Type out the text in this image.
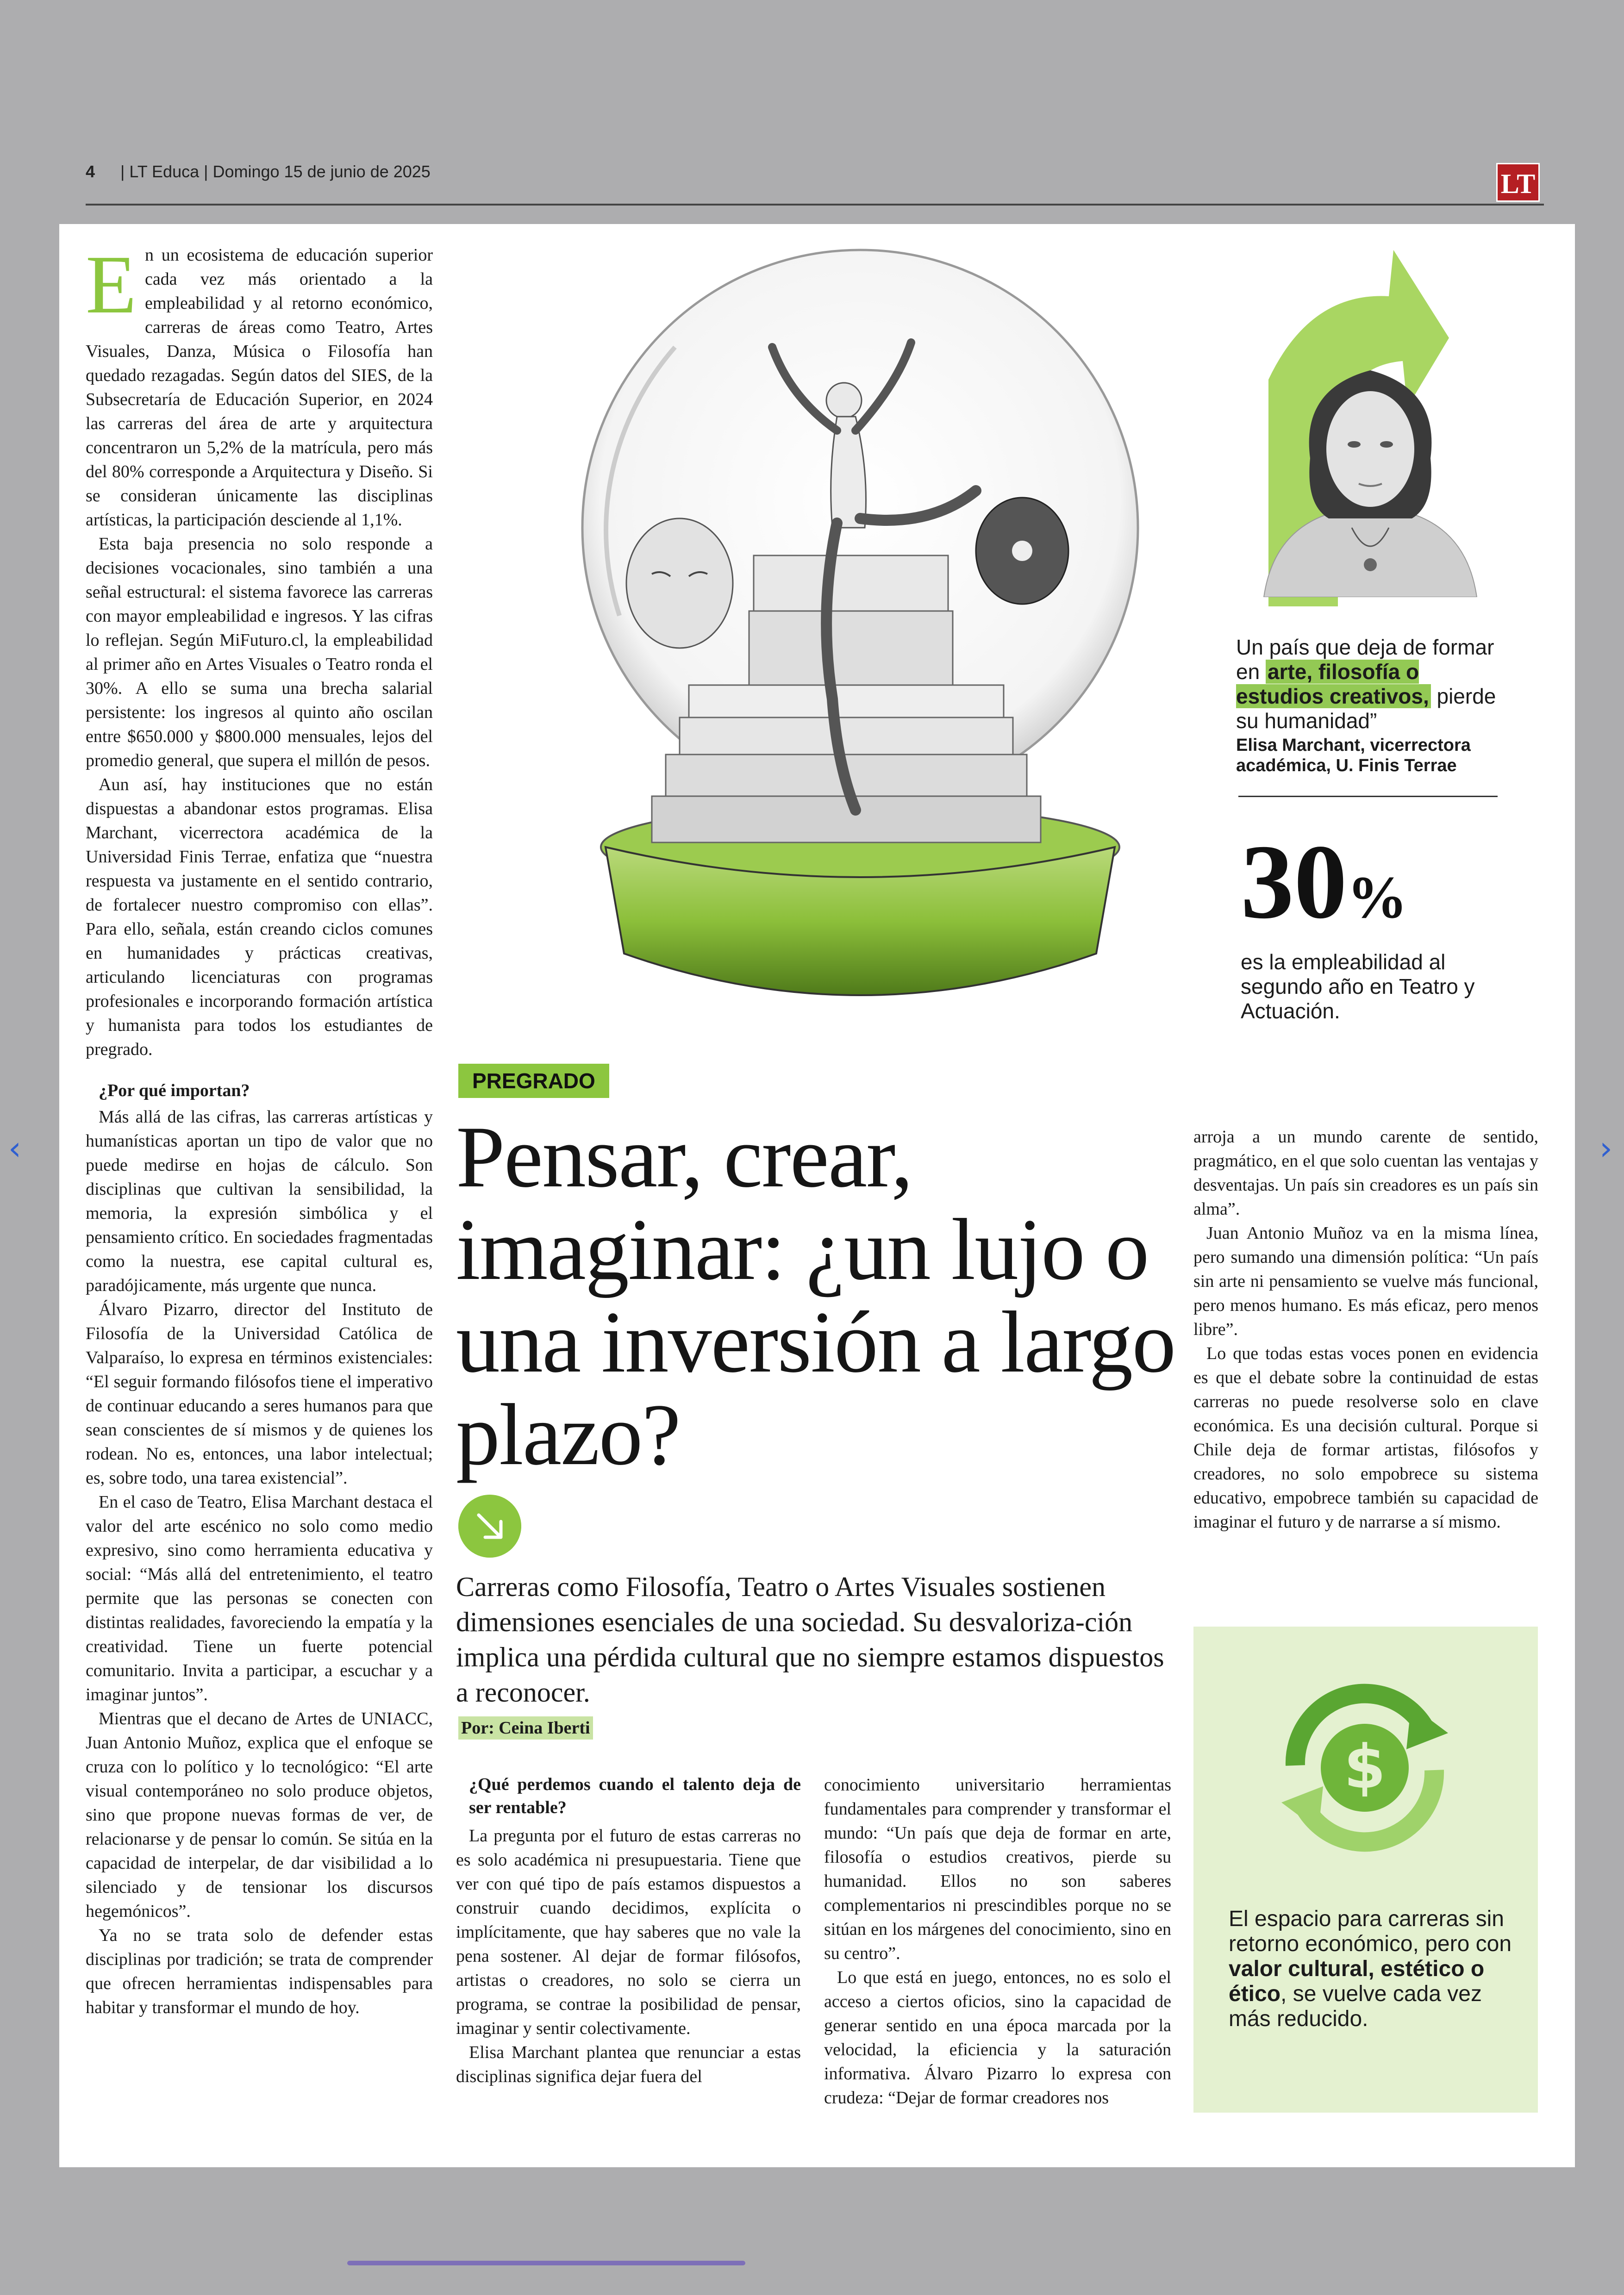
4 | LT Educa | Domingo 15 de junio de 2025	LT
E n un ecosistema de educación superior cada vez más orientado a la empleabilidad y al retorno económico, carreras de áreas como Teatro, Artes Visuales, Danza, Música o Filosofía han quedado rezagadas. Según datos del SIES, de la Subsecretaría de Educación Superior, en 2024 las carreras del área de arte y arquitectura concentraron un 5,2% de la matrícula, pero más del 80% corresponde a Arquitectura y Diseño. Si se consideran únicamente las disciplinas artísticas, la participación desciende al 1,1%.

Esta baja presencia no solo responde a decisiones vocacionales, sino también a una señal estructural: el sistema favorece las carreras con mayor empleabilidad e ingresos. Y las cifras lo reflejan. Según MiFuturo.cl, la empleabilidad al primer año en Artes Visuales o Teatro ronda el 30%. A ello se suma una brecha salarial persistente: los ingresos al quinto año oscilan entre $650.000 y $800.000 mensuales, lejos del promedio general, que supera el millón de pesos.

Aun así, hay instituciones que no están dispuestas a abandonar estos programas. Elisa Marchant, vicerrectora académica de la Universidad Finis Terrae, enfatiza que “nuestra respuesta va justamente en el sentido contrario, de fortalecer nuestro compromiso con ellas”. Para ello, señala, están creando ciclos comunes en humanidades y prácticas creativas, articulando licenciaturas con programas profesionales e incorporando formación artística y humanista para todos los estudiantes de pregrado.

¿Por qué importan?

Más allá de las cifras, las carreras artísticas y humanísticas aportan un tipo de valor que no puede medirse en hojas de cálculo. Son disciplinas que cultivan la sensibilidad, la memoria, la expresión simbólica y el pensamiento crítico. En sociedades fragmentadas como la nuestra, ese capital cultural es, paradójicamente, más urgente que nunca.

Álvaro Pizarro, director del Instituto de Filosofía de la Universidad Católica de Valparaíso, lo expresa en términos existenciales: “El seguir formando filósofos tiene el imperativo de continuar educando a seres humanos para que sean conscientes de sí mismos y de quienes los rodean. No es, entonces, una labor intelectual; es, sobre todo, una tarea existencial”.

En el caso de Teatro, Elisa Marchant destaca el valor del arte escénico no solo como medio expresivo, sino como herramienta educativa y social: “Más allá del entretenimiento, el teatro permite que las personas se conecten con distintas realidades, favoreciendo la empatía y la creatividad. Tiene un fuerte potencial comunitario. Invita a participar, a escuchar y a imaginar juntos”.

Mientras que el decano de Artes de UNIACC, Juan Antonio Muñoz, explica que el enfoque se cruza con lo político y lo tecnológico: “El arte visual contemporáneo no solo produce objetos, sino que propone nuevas formas de ver, de relacionarse y de pensar lo común. Se sitúa en la capacidad de interpelar, de dar visibilidad a lo silenciado y de tensionar los discursos hegemónicos”.

Ya no se trata solo de defender estas disciplinas por tradición; se trata de comprender que ofrecen herramientas indispensables para habitar y transformar el mundo de hoy.

Un país que deja de formar en arte, filosofía o estudios creativos, pierde su humanidad”
Elisa Marchant, vicerrectora académica, U. Finis Terrae
30%
es la empleabilidad al segundo año en Teatro y Actuación.
PREGRADO
Pensar, crear, imaginar: ¿un lujo o una inversión a largo plazo?
Carreras como Filosofía, Teatro o Artes Visuales sostienen dimensiones esenciales de una sociedad. Su desvaloriza-ción implica una pérdida cultural que no siempre estamos dispuestos a reconocer.
Por: Ceina Iberti
¿Qué perdemos cuando el talento deja de ser rentable?

La pregunta por el futuro de estas carreras no es solo académica ni presupuestaria. Tiene que ver con qué tipo de país estamos dispuestos a construir cuando decidimos, explícita o implícitamente, que hay saberes que no vale la pena sostener. Al dejar de formar filósofos, artistas o creadores, no solo se cierra un programa, se contrae la posibilidad de pensar, imaginar y sentir colectivamente.

Elisa Marchant plantea que renunciar a estas disciplinas significa dejar fuera del

conocimiento universitario herramientas fundamentales para comprender y transformar el mundo: “Un país que deja de formar en arte, filosofía o estudios creativos, pierde su humanidad. Ellos no son saberes complementarios ni prescindibles porque no se sitúan en los márgenes del conocimiento, sino en su centro”.

Lo que está en juego, entonces, no es solo el acceso a ciertos oficios, sino la capacidad de generar sentido en una época marcada por la velocidad, la eficiencia y la saturación informativa. Álvaro Pizarro lo expresa con crudeza: “Dejar de formar creadores nos

arroja a un mundo carente de sentido, pragmático, en el que solo cuentan las ventajas y desventajas. Un país sin creadores es un país sin alma”.

Juan Antonio Muñoz va en la misma línea, pero sumando una dimensión política: “Un país sin arte ni pensamiento se vuelve más funcional, pero menos humano. Es más eficaz, pero menos libre”.

Lo que todas estas voces ponen en evidencia es que el debate sobre la continuidad de estas carreras no puede resolverse solo en clave económica. Es una decisión cultural. Porque si Chile deja de formar artistas, filósofos y creadores, no solo empobrece su sistema educativo, empobrece también su capacidad de imaginar el futuro y de narrarse a sí mismo.

$
El espacio para carreras sin retorno económico, pero con valor cultural, estético o ético, se vuelve cada vez más reducido.
‹	›
